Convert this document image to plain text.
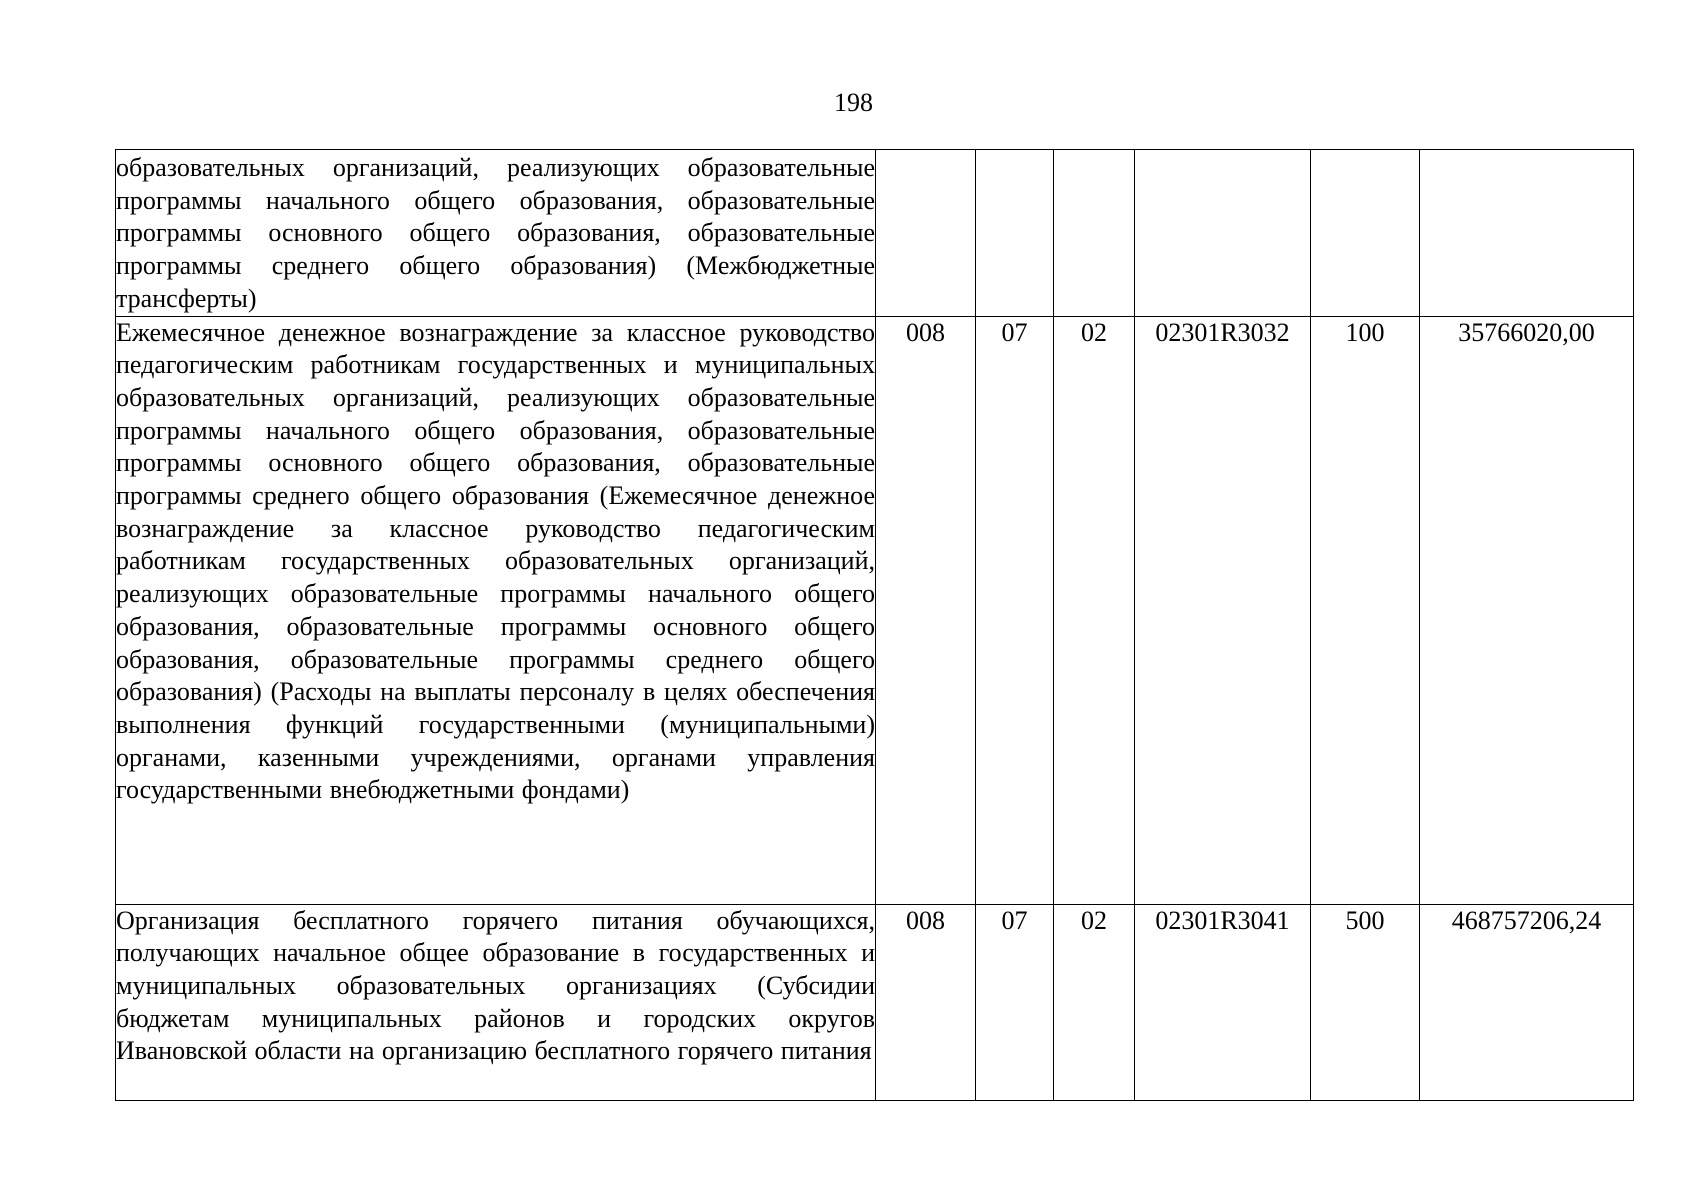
198
образовательных организаций, реализующих образовательные программы начального общего образования, образовательные программы основного общего образования, образовательные программы среднего общего образования) (Межбюджетные трансферты)						
Ежемесячное денежное вознаграждение за классное руководство педагогическим работникам государственных и муниципальных образовательных организаций, реализующих образовательные программы начального общего образования, образовательные программы основного общего образования, образовательные программы среднего общего образования (Ежемесячное денежное вознаграждение за классное руководство педагогическим работникам государственных образовательных организаций, реализующих образовательные программы начального общего образования, образовательные программы основного общего образования, образовательные программы среднего общего образования) (Расходы на выплаты персоналу в целях обеспечения выполнения функций государственными (муниципальными) органами, казенными учреждениями, органами управления государственными внебюджетными фондами)	008	07	02	02301R3032	100	35766020,00
Организация бесплатного горячего питания обучающихся, получающих начальное общее образование в государственных и муниципальных образовательных организациях (Субсидии бюджетам муниципальных районов и городских округов Ивановской области на организацию бесплатного горячего питания	008	07	02	02301R3041	500	468757206,24
